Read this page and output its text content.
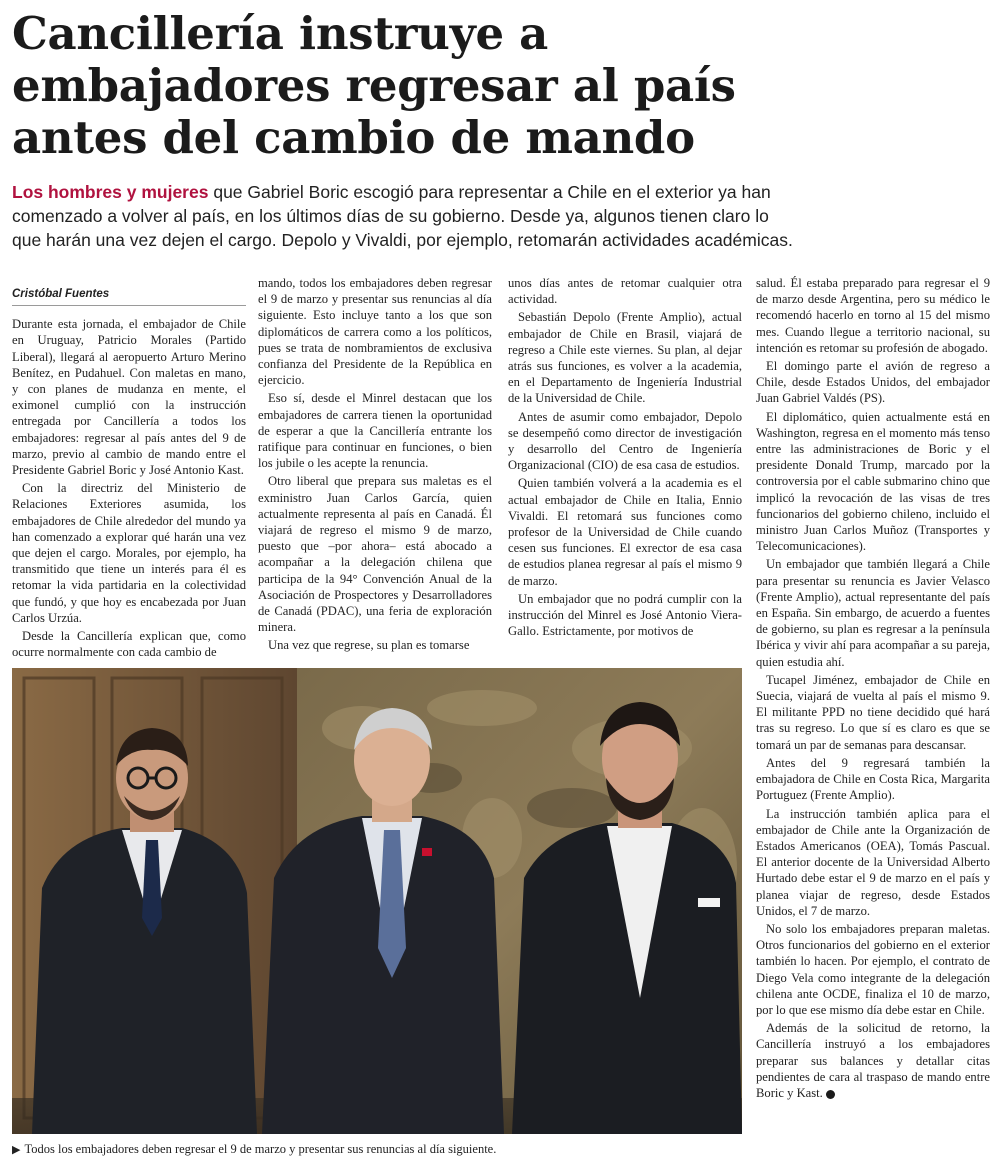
Cancillería instruye a
embajadores regresar al país
antes del cambio de mando
Los hombres y mujeres que Gabriel Boric escogió para representar a Chile en el exterior ya han
comenzado a volver al país, en los últimos días de su gobierno. Desde ya, algunos tienen claro lo
que harán una vez dejen el cargo. Depolo y Vivaldi, por ejemplo, retomarán actividades académicas.
Cristóbal Fuentes

Durante esta jornada, el embajador de Chile en Uruguay, Patricio Morales (Partido Liberal), llegará al aeropuerto Arturo Merino Benítez, en Pudahuel. Con maletas en mano, y con planes de mudanza en mente, el eximonel cumplió con la instrucción entregada por Cancillería a todos los embajadores: regresar al país antes del 9 de marzo, previo al cambio de mando entre el Presidente Gabriel Boric y José Antonio Kast.

Con la directriz del Ministerio de Relaciones Exteriores asumida, los embajadores de Chile alrededor del mundo ya han comenzado a explorar qué harán una vez que dejen el cargo. Morales, por ejemplo, ha transmitido que tiene un interés para él es retomar la vida partidaria en la colectividad que fundó, y que hoy es encabezada por Juan Carlos Urzúa.

Desde la Cancillería explican que, como ocurre normalmente con cada cambio de

mando, todos los embajadores deben regresar el 9 de marzo y presentar sus renuncias al día siguiente. Esto incluye tanto a los que son diplomáticos de carrera como a los políticos, pues se trata de nombramientos de exclusiva confianza del Presidente de la República en ejercicio.

Eso sí, desde el Minrel destacan que los embajadores de carrera tienen la oportunidad de esperar a que la Cancillería entrante los ratifique para continuar en funciones, o bien los jubile o les acepte la renuncia.

Otro liberal que prepara sus maletas es el exministro Juan Carlos García, quien actualmente representa al país en Canadá. Él viajará de regreso el mismo 9 de marzo, puesto que –por ahora– está abocado a acompañar a la delegación chilena que participa de la 94° Convención Anual de la Asociación de Prospectores y Desarrolladores de Canadá (PDAC), una feria de exploración minera.

Una vez que regrese, su plan es tomarse

unos días antes de retomar cualquier otra actividad.

Sebastián Depolo (Frente Amplio), actual embajador de Chile en Brasil, viajará de regreso a Chile este viernes. Su plan, al dejar atrás sus funciones, es volver a la academia, en el Departamento de Ingeniería Industrial de la Universidad de Chile.

Antes de asumir como embajador, Depolo se desempeñó como director de investigación y desarrollo del Centro de Ingeniería Organizacional (CIO) de esa casa de estudios.

Quien también volverá a la academia es el actual embajador de Chile en Italia, Ennio Vivaldi. El retomará sus funciones como profesor de la Universidad de Chile cuando cesen sus funciones. El exrector de esa casa de estudios planea regresar al país el mismo 9 de marzo.

Un embajador que no podrá cumplir con la instrucción del Minrel es José Antonio Viera-Gallo. Estrictamente, por motivos de

salud. Él estaba preparado para regresar el 9 de marzo desde Argentina, pero su médico le recomendó hacerlo en torno al 15 del mismo mes. Cuando llegue a territorio nacional, su intención es retomar su profesión de abogado.

El domingo parte el avión de regreso a Chile, desde Estados Unidos, del embajador Juan Gabriel Valdés (PS).

El diplomático, quien actualmente está en Washington, regresa en el momento más tenso entre las administraciones de Boric y el presidente Donald Trump, marcado por la controversia por el cable submarino chino que implicó la revocación de las visas de tres funcionarios del gobierno chileno, incluido el ministro Juan Carlos Muñoz (Transportes y Telecomunicaciones).

Un embajador que también llegará a Chile para presentar su renuncia es Javier Velasco (Frente Amplio), actual representante del país en España. Sin embargo, de acuerdo a fuentes de gobierno, su plan es regresar a la península Ibérica y vivir ahí para acompañar a su pareja, quien estudia ahí.

Tucapel Jiménez, embajador de Chile en Suecia, viajará de vuelta al país el mismo 9. El militante PPD no tiene decidido qué hará tras su regreso. Lo que sí es claro es que se tomará un par de semanas para descansar.

Antes del 9 regresará también la embajadora de Chile en Costa Rica, Margarita Portuguez (Frente Amplio).

La instrucción también aplica para el embajador de Chile ante la Organización de Estados Americanos (OEA), Tomás Pascual. El anterior docente de la Universidad Alberto Hurtado debe estar el 9 de marzo en el país y planea viajar de regreso, desde Estados Unidos, el 7 de marzo.

No solo los embajadores preparan maletas. Otros funcionarios del gobierno en el exterior también lo hacen. Por ejemplo, el contrato de Diego Vela como integrante de la delegación chilena ante OCDE, finaliza el 10 de marzo, por lo que ese mismo día debe estar en Chile.

Además de la solicitud de retorno, la Cancillería instruyó a los embajadores preparar sus balances y detallar citas pendientes de cara al traspaso de mando entre Boric y Kast.

▶ Todos los embajadores deben regresar el 9 de marzo y presentar sus renuncias al día siguiente.
